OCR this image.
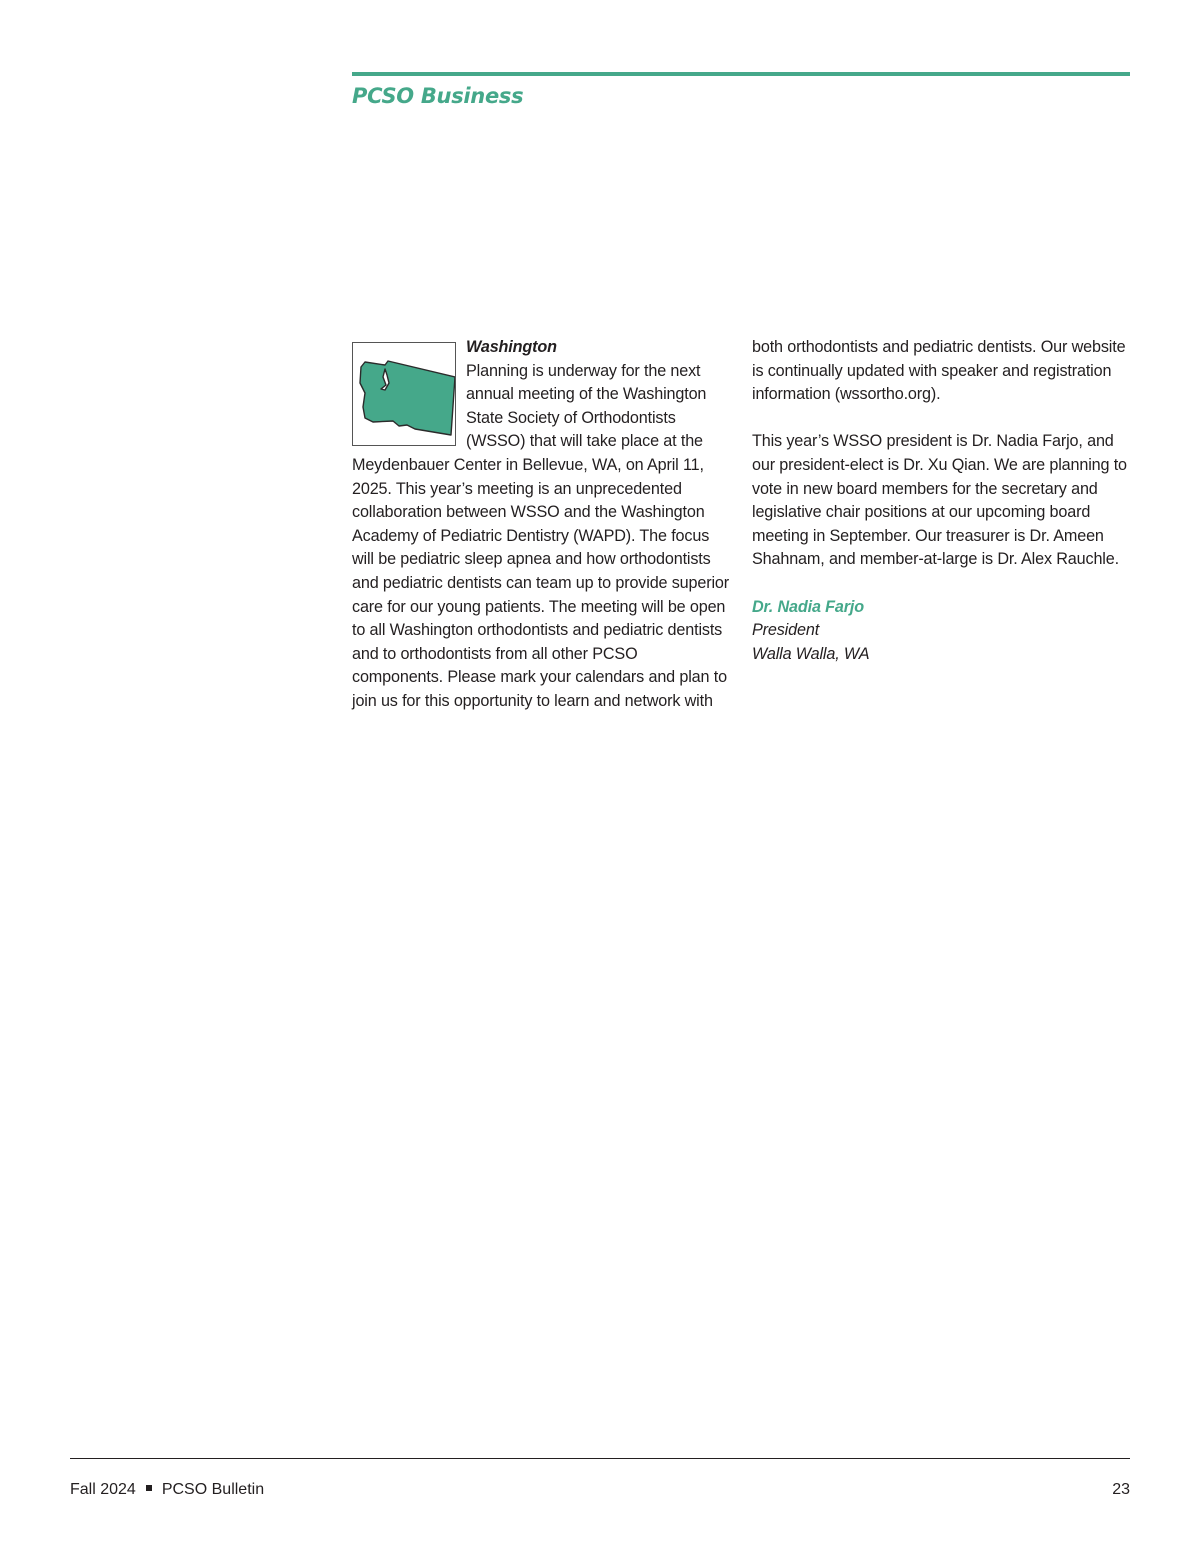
PCSO Business
Washington

Planning is underway for the next annual meeting of the Washington State Society of Orthodontists (WSSO) that will take place at the Meydenbauer Center in Bellevue, WA, on April 11, 2025. This year’s meeting is an unprecedented collaboration between WSSO and the Washington Academy of Pediatric Dentistry (WAPD). The focus will be pediatric sleep apnea and how orthodontists and pediatric dentists can team up to provide superior care for our young patients. The meeting will be open to all Washington orthodontists and pediatric dentists and to orthodontists from all other PCSO components. Please mark your calendars and plan to join us for this opportunity to learn and network with

both orthodontists and pediatric dentists. Our website is continually updated with speaker and registration information (wssortho.org).

This year’s WSSO president is Dr. Nadia Farjo, and our president-elect is Dr. Xu Qian. We are planning to vote in new board members for the secretary and legislative chair positions at our upcoming board meeting in September. Our treasurer is Dr. Ameen Shahnam, and member-at-large is Dr. Alex Rauchle.

Dr. Nadia Farjo
President
Walla Walla, WA
Fall 2024 PCSO Bulletin	23
